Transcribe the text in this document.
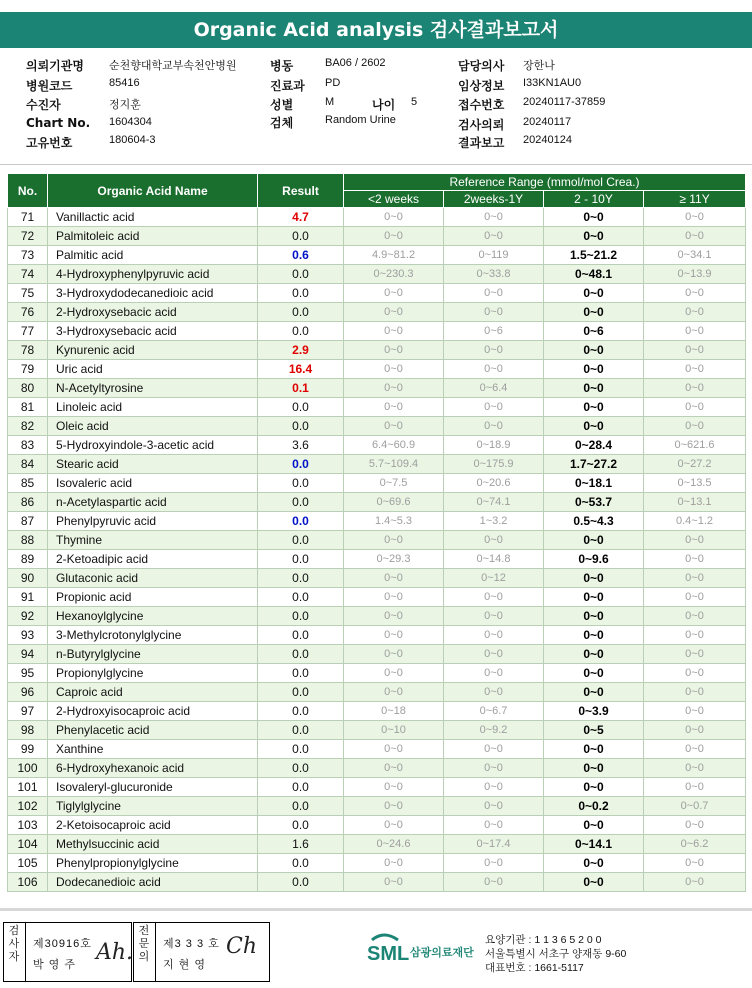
Organic Acid analysis 검사결과보고서
의뢰기관명 순천향대학교부속천안병원
병원코드	85416
수진자	정지훈
Chart No. 1604304
고유번호	180604-3
병동	BA06 / 2602
진료과 PD
성별	M	나이 5
검체	Random Urine
담당의사 장한나
임상정보 I33KN1AU0
접수번호 20240117-37859
검사의뢰 20240117
결과보고 20240124
No.	Organic Acid Name	Result	Reference Range (mmol/mol Crea.)			
			<2 weeks	2weeks-1Y	2 - 10Y	≥ 11Y
71	Vanillactic acid	4.7	0~0	0~0	0~0	0~0
72	Palmitoleic acid	0.0	0~0	0~0	0~0	0~0
73	Palmitic acid	0.6	4.9~81.2	0~119	1.5~21.2	0~34.1
74	4-Hydroxyphenylpyruvic acid	0.0	0~230.3	0~33.8	0~48.1	0~13.9
75	3-Hydroxydodecanedioic acid	0.0	0~0	0~0	0~0	0~0
76	2-Hydroxysebacic acid	0.0	0~0	0~0	0~0	0~0
77	3-Hydroxysebacic acid	0.0	0~0	0~6	0~6	0~0
78	Kynurenic acid	2.9	0~0	0~0	0~0	0~0
79	Uric acid	16.4	0~0	0~0	0~0	0~0
80	N-Acetyltyrosine	0.1	0~0	0~6.4	0~0	0~0
81	Linoleic acid	0.0	0~0	0~0	0~0	0~0
82	Oleic acid	0.0	0~0	0~0	0~0	0~0
83	5-Hydroxyindole-3-acetic acid	3.6	6.4~60.9	0~18.9	0~28.4	0~621.6
84	Stearic acid	0.0	5.7~109.4	0~175.9	1.7~27.2	0~27.2
85	Isovaleric acid	0.0	0~7.5	0~20.6	0~18.1	0~13.5
86	n-Acetylaspartic acid	0.0	0~69.6	0~74.1	0~53.7	0~13.1
87	Phenylpyruvic acid	0.0	1.4~5.3	1~3.2	0.5~4.3	0.4~1.2
88	Thymine	0.0	0~0	0~0	0~0	0~0
89	2-Ketoadipic acid	0.0	0~29.3	0~14.8	0~9.6	0~0
90	Glutaconic acid	0.0	0~0	0~12	0~0	0~0
91	Propionic acid	0.0	0~0	0~0	0~0	0~0
92	Hexanoylglycine	0.0	0~0	0~0	0~0	0~0
93	3-Methylcrotonylglycine	0.0	0~0	0~0	0~0	0~0
94	n-Butyrylglycine	0.0	0~0	0~0	0~0	0~0
95	Propionylglycine	0.0	0~0	0~0	0~0	0~0
96	Caproic acid	0.0	0~0	0~0	0~0	0~0
97	2-Hydroxyisocaproic acid	0.0	0~18	0~6.7	0~3.9	0~0
98	Phenylacetic acid	0.0	0~10	0~9.2	0~5	0~0
99	Xanthine	0.0	0~0	0~0	0~0	0~0
100	6-Hydroxyhexanoic acid	0.0	0~0	0~0	0~0	0~0
101	Isovaleryl-glucuronide	0.0	0~0	0~0	0~0	0~0
102	Tiglylglycine	0.0	0~0	0~0	0~0.2	0~0.7
103	2-Ketoisocaproic acid	0.0	0~0	0~0	0~0	0~0
104	Methylsuccinic acid	1.6	0~24.6	0~17.4	0~14.1	0~6.2
105	Phenylpropionylglycine	0.0	0~0	0~0	0~0	0~0
106	Dodecanedioic acid	0.0	0~0	0~0	0~0	0~0
검
사
자
제30916호
박 영 주 Ah.
전
문
의
제3 3 3 호
지 현 영
Ch	SML 삼광의료재단
요양기관 : 1 1 3 6 5 2 0 0
서울특별시 서초구 양재동 9-60
대표번호 : 1661-5117
